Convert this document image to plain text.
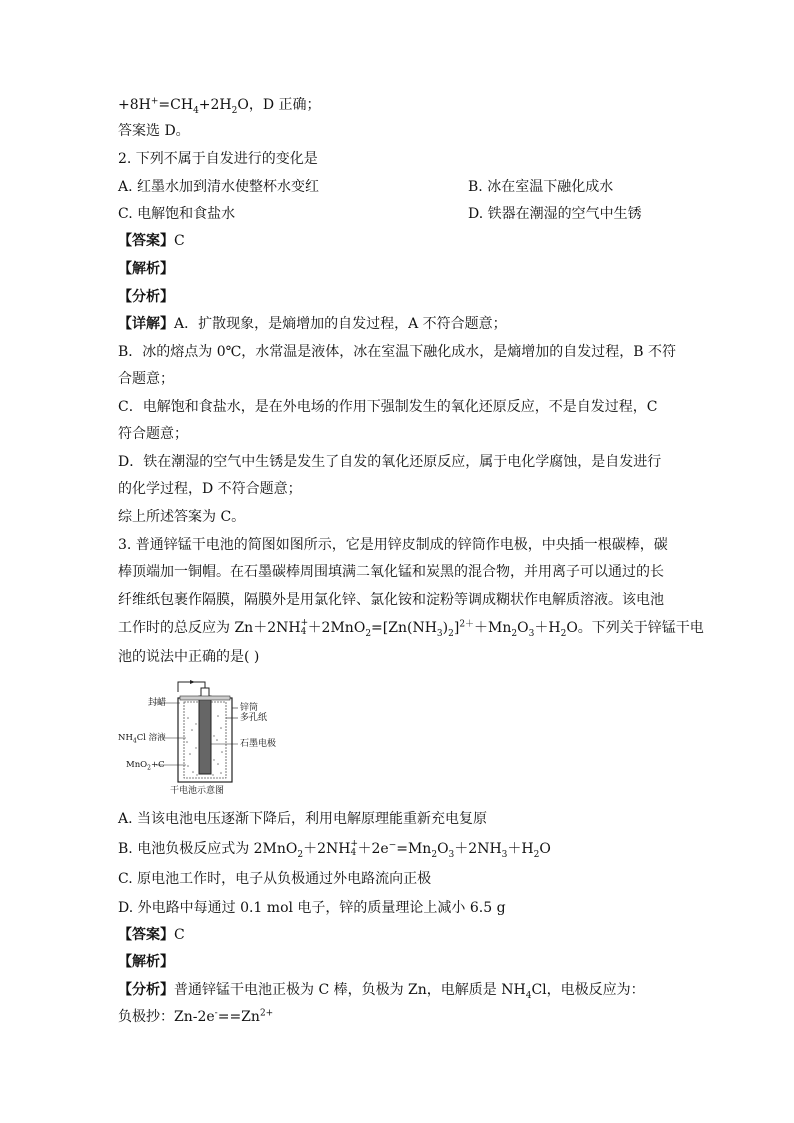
$+8H^+=CH_4+2H_2O$，D 正确；
答案选 D。
2. 下列不属于自发进行的变化是
A. 红墨水加到清水使整杯水变红	B. 冰在室温下融化成水
C. 电解饱和食盐水	D. 铁器在潮湿的空气中生锈
【答案】C
【解析】
【分析】
【详解】A．扩散现象，是熵增加的自发过程，A 不符合题意；
B．冰的熔点为 0℃，水常温是液体，冰在室温下融化成水，是熵增加的自发过程，B 不符
合题意；
C．电解饱和食盐水，是在外电场的作用下强制发生的氧化还原反应，不是自发过程，C
符合题意；
D．铁在潮湿的空气中生锈是发生了自发的氧化还原反应，属于电化学腐蚀，是自发进行
的化学过程，D 不符合题意；
综上所述答案为 C。
3. 普通锌锰干电池的简图如图所示，它是用锌皮制成的锌筒作电极，中央插一根碳棒，碳
棒顶端加一铜帽。在石墨碳棒周围填满二氧化锰和炭黑的混合物，并用离子可以通过的长
纤维纸包裹作隔膜，隔膜外是用氯化锌、氯化铵和淀粉等调成糊状作电解质溶液。该电池
工作时的总反应为 Zn＋2NH +
$4 +2MnO_2=[Zn(NH_3)_2]^{2+}+Mn_2O_3+H_2O$。下列关于锌锰干电
池的说法中正确的是( )
封蜡
$NH_4Cl$ 溶液
MnO$_2$+C
锌筒
多孔纸
石墨电极
干电池示意图
A. 当该电池电压逐渐下降后，利用电解原理能重新充电复原
B. 电池负极反应式为 2MnO$_2$＋2NH +
$4 +2e^-=Mn_2O_3+2NH_3+H_2O$
C. 原电池工作时，电子从负极通过外电路流向正极
D. 外电路中每通过 0.1 mol 电子，锌的质量理论上减小 6.5 g
【答案】C
【解析】
【分析】普通锌锰干电池正极为 C 棒，负极为 Zn，电解质是 $NH_4Cl$，电极反应为：
负极抄：$Zn-2e^-==Zn^{2+}$
